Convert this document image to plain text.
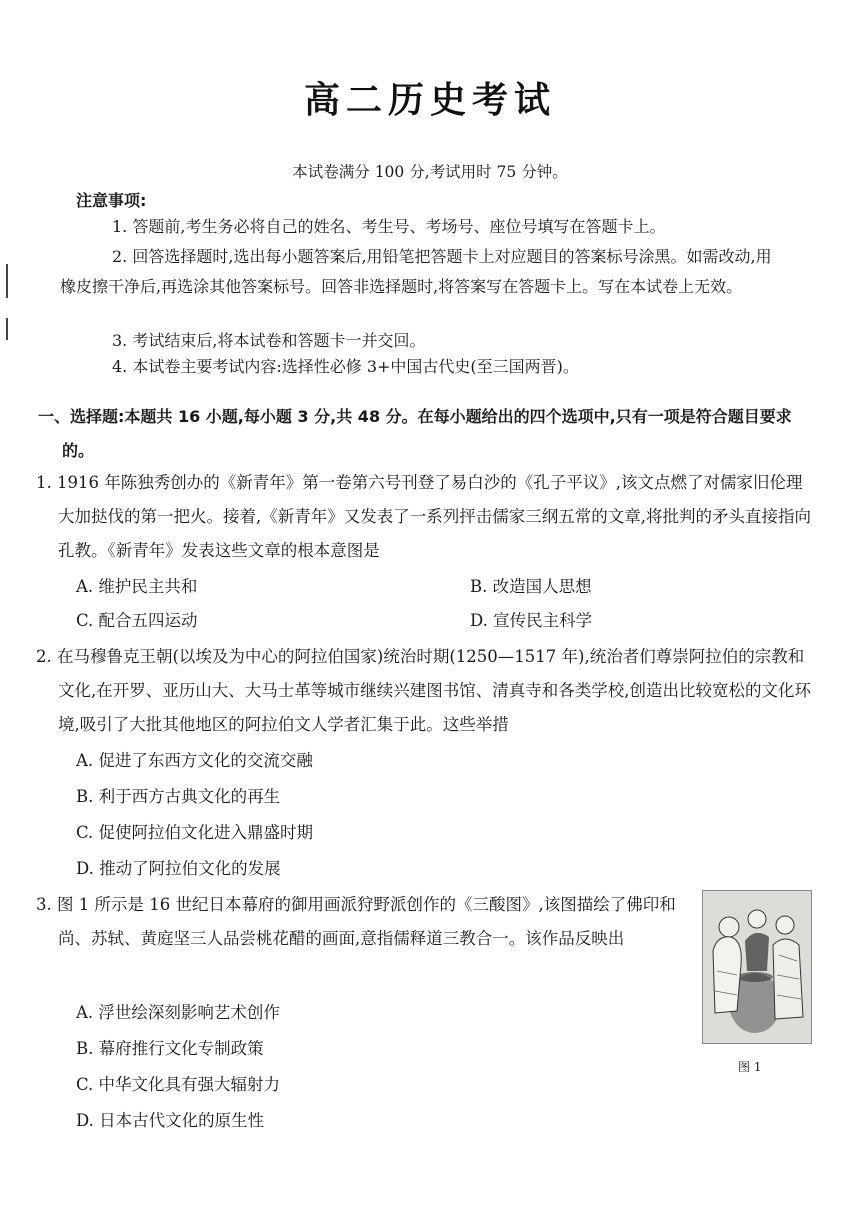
高二历史考试
本试卷满分 100 分,考试用时 75 分钟。
注意事项:
1. 答题前,考生务必将自己的姓名、考生号、考场号、座位号填写在答题卡上。
2. 回答选择题时,选出每小题答案后,用铅笔把答题卡上对应题目的答案标号涂黑。如需改动,用橡皮擦干净后,再选涂其他答案标号。回答非选择题时,将答案写在答题卡上。写在本试卷上无效。
3. 考试结束后,将本试卷和答题卡一并交回。
4. 本试卷主要考试内容:选择性必修 3+中国古代史(至三国两晋)。
一、选择题:本题共 16 小题,每小题 3 分,共 48 分。在每小题给出的四个选项中,只有一项是符合题目要求的。
1. 1916 年陈独秀创办的《新青年》第一卷第六号刊登了易白沙的《孔子平议》,该文点燃了对儒家旧伦理大加挞伐的第一把火。接着,《新青年》又发表了一系列抨击儒家三纲五常的文章,将批判的矛头直接指向孔教。《新青年》发表这些文章的根本意图是
A. 维护民主共和	B. 改造国人思想
C. 配合五四运动	D. 宣传民主科学
2. 在马穆鲁克王朝(以埃及为中心的阿拉伯国家)统治时期(1250—1517 年),统治者们尊崇阿拉伯的宗教和文化,在开罗、亚历山大、大马士革等城市继续兴建图书馆、清真寺和各类学校,创造出比较宽松的文化环境,吸引了大批其他地区的阿拉伯文人学者汇集于此。这些举措
A. 促进了东西方文化的交流交融
B. 利于西方古典文化的再生
C. 促使阿拉伯文化进入鼎盛时期
D. 推动了阿拉伯文化的发展
3. 图 1 所示是 16 世纪日本幕府的御用画派狩野派创作的《三酸图》,该图描绘了佛印和尚、苏轼、黄庭坚三人品尝桃花醋的画面,意指儒释道三教合一。该作品反映出
A. 浮世绘深刻影响艺术创作
B. 幕府推行文化专制政策
C. 中华文化具有强大辐射力
D. 日本古代文化的原生性
图 1
